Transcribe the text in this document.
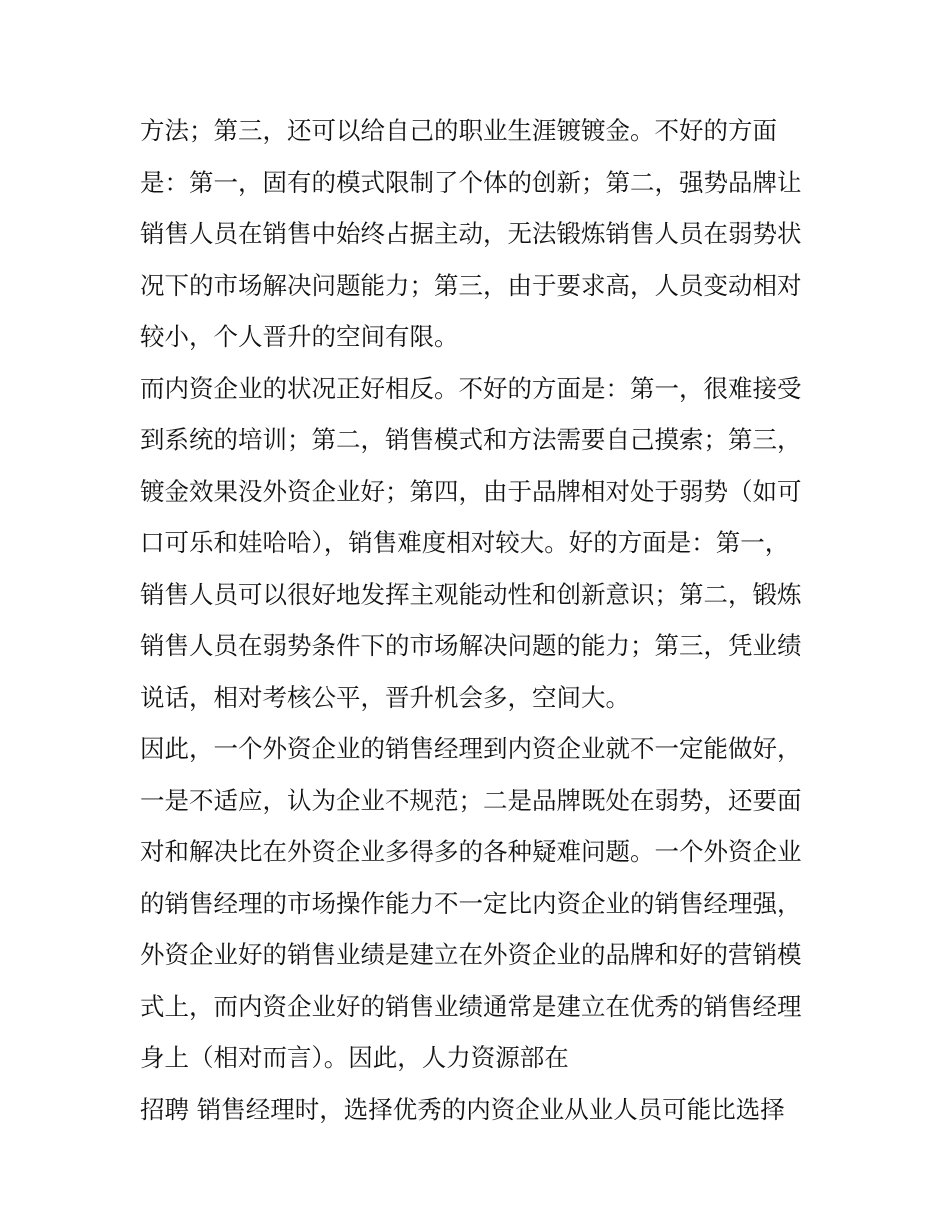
方法；第三，还可以给自己的职业生涯镀镀金。不好的方面
是：第一，固有的模式限制了个体的创新；第二，强势品牌让
销售人员在销售中始终占据主动，无法锻炼销售人员在弱势状
况下的市场解决问题能力；第三，由于要求高，人员变动相对
较小，个人晋升的空间有限。
而内资企业的状况正好相反。不好的方面是：第一，很难接受
到系统的培训；第二，销售模式和方法需要自己摸索；第三，
镀金效果没外资企业好；第四，由于品牌相对处于弱势（如可
口可乐和娃哈哈），销售难度相对较大。好的方面是：第一，
销售人员可以很好地发挥主观能动性和创新意识；第二，锻炼
销售人员在弱势条件下的市场解决问题的能力；第三，凭业绩
说话，相对考核公平，晋升机会多，空间大。
因此，一个外资企业的销售经理到内资企业就不一定能做好，
一是不适应，认为企业不规范；二是品牌既处在弱势，还要面
对和解决比在外资企业多得多的各种疑难问题。一个外资企业
的销售经理的市场操作能力不一定比内资企业的销售经理强，
外资企业好的销售业绩是建立在外资企业的品牌和好的营销模
式上，而内资企业好的销售业绩通常是建立在优秀的销售经理
身上（相对而言）。因此，人力资源部在
招聘 销售经理时，选择优秀的内资企业从业人员可能比选择
